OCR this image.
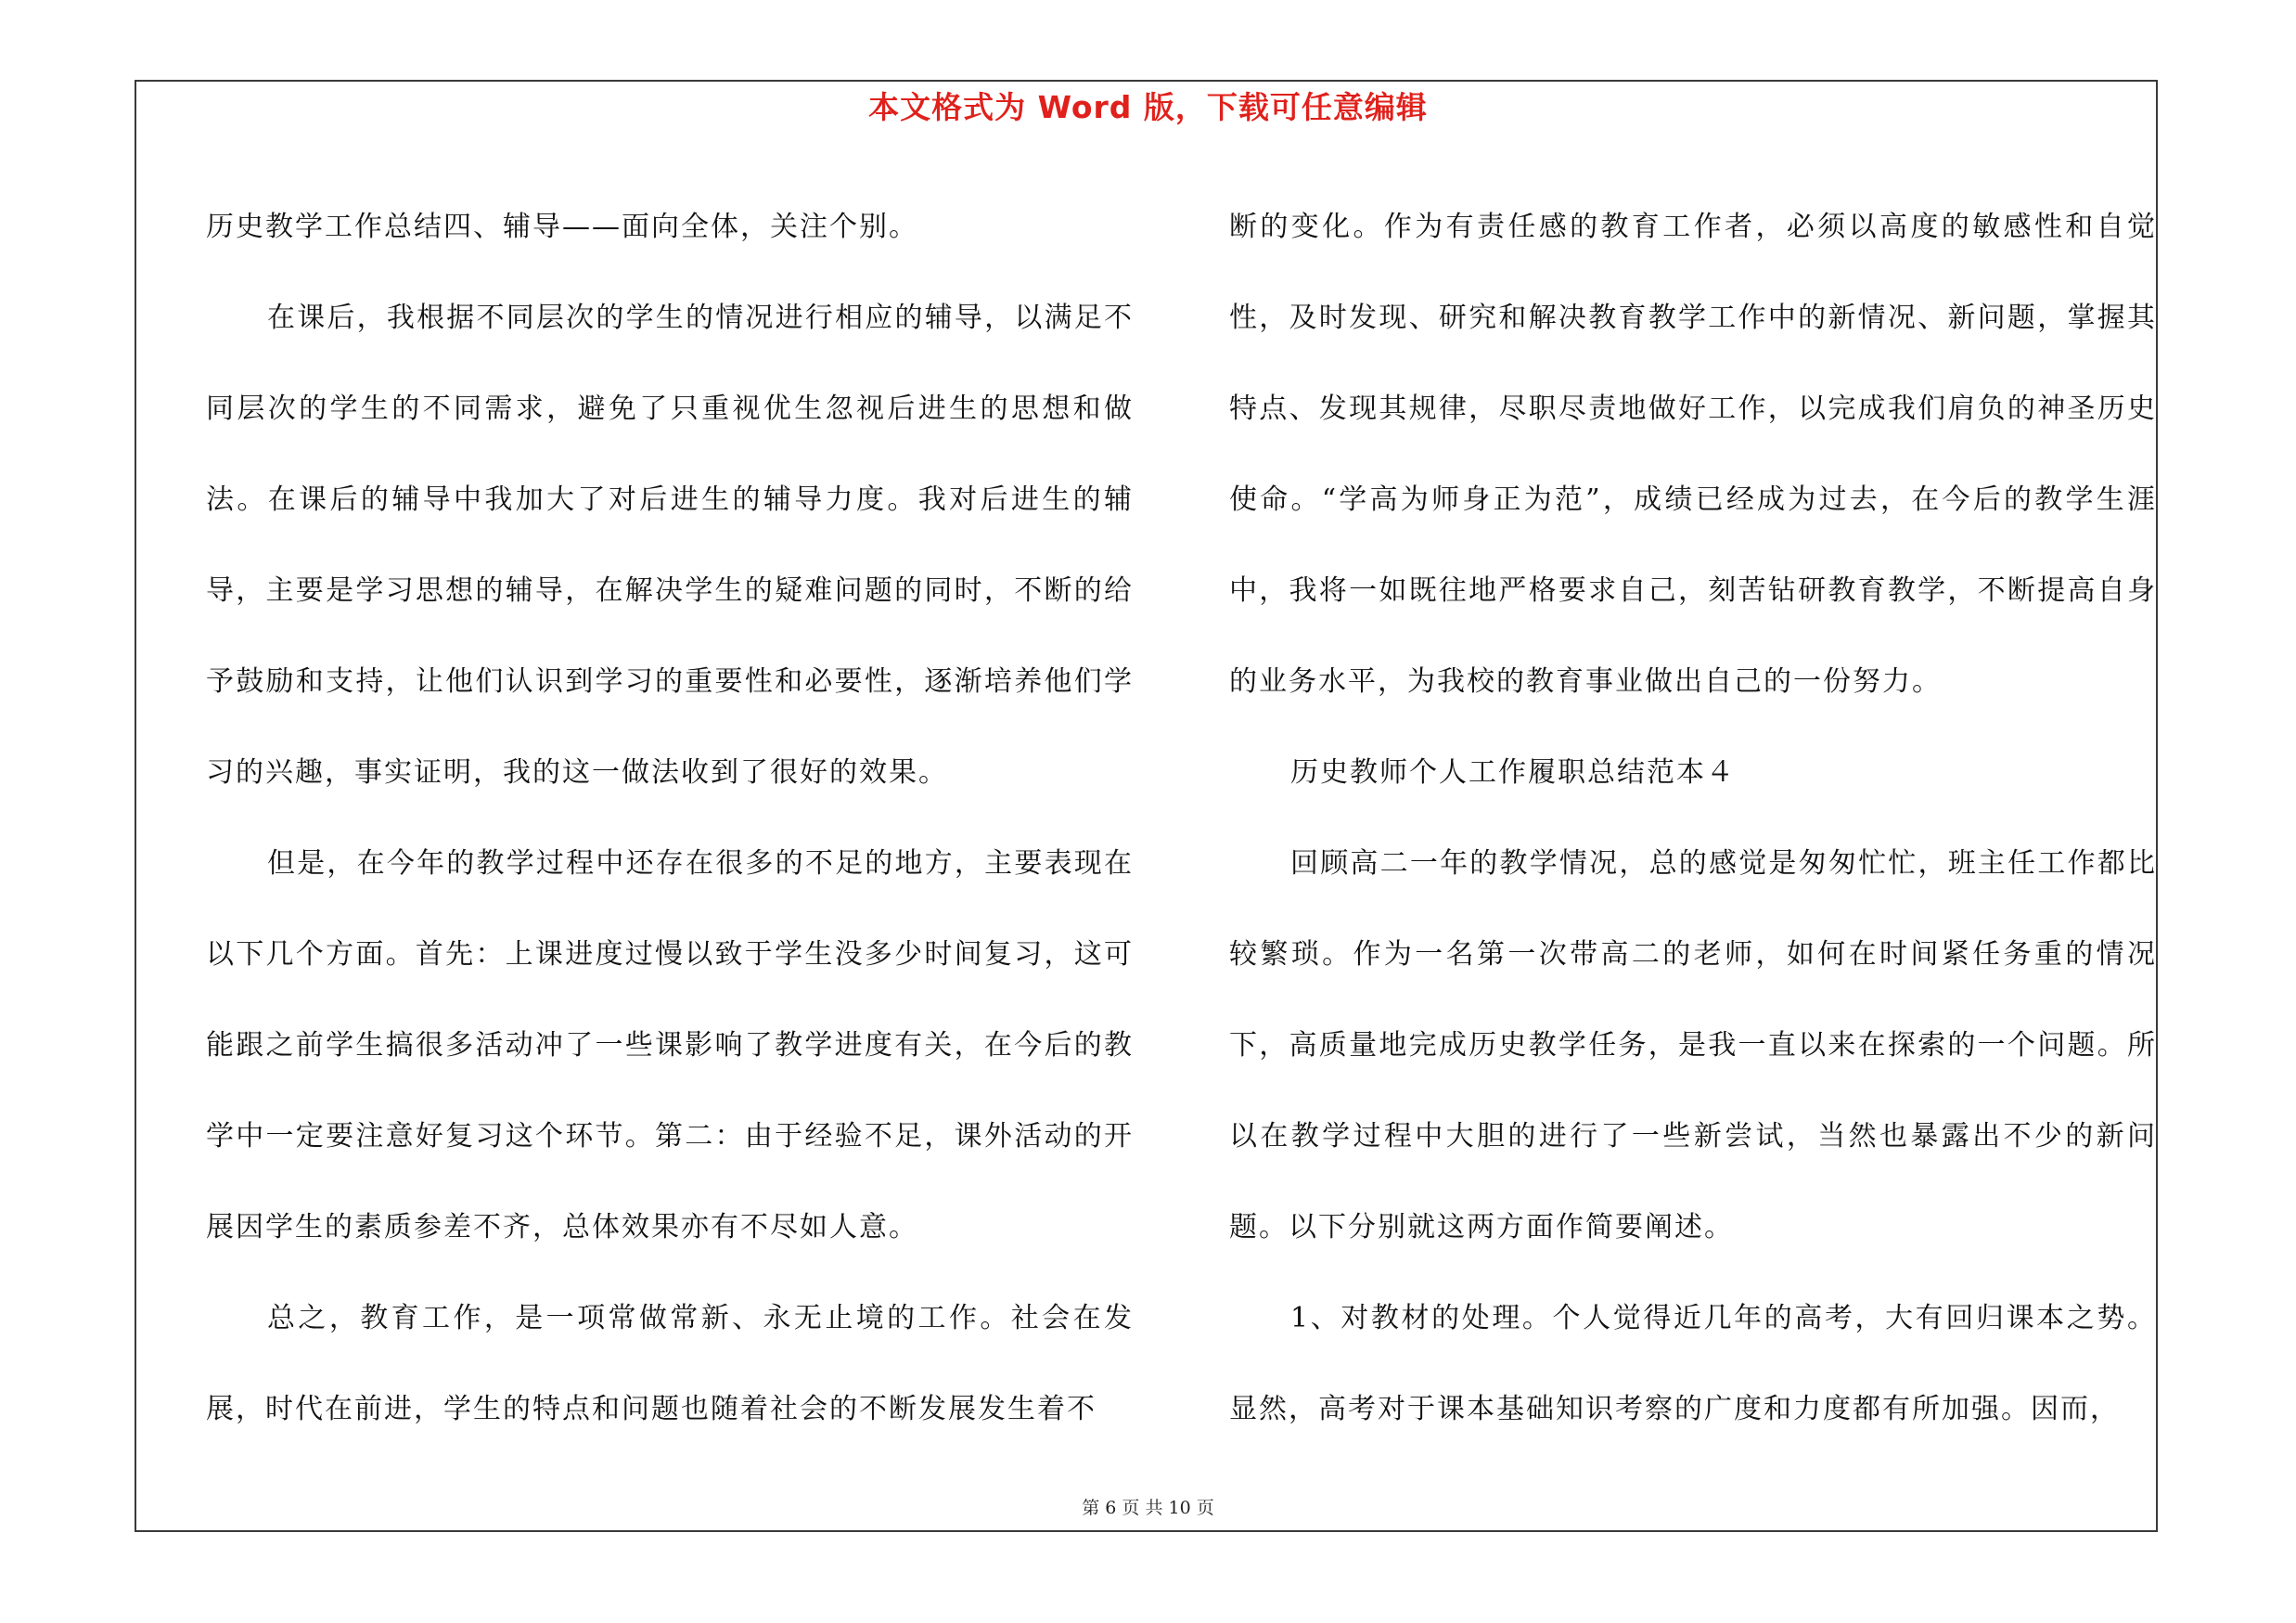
本文格式为 Word 版，下载可任意编辑

历史教学工作总结四、辅导——面向全体，关注个别。

在课后，我根据不同层次的学生的情况进行相应的辅导，以满足不同层次的学生的不同需求，避免了只重视优生忽视后进生的思想和做法。在课后的辅导中我加大了对后进生的辅导力度。我对后进生的辅导，主要是学习思想的辅导，在解决学生的疑难问题的同时，不断的给予鼓励和支持，让他们认识到学习的重要性和必要性，逐渐培养他们学习的兴趣，事实证明，我的这一做法收到了很好的效果。

但是，在今年的教学过程中还存在很多的不足的地方，主要表现在以下几个方面。首先：上课进度过慢以致于学生没多少时间复习，这可能跟之前学生搞很多活动冲了一些课影响了教学进度有关，在今后的教学中一定要注意好复习这个环节。第二：由于经验不足，课外活动的开展因学生的素质参差不齐，总体效果亦有不尽如人意。

总之，教育工作，是一项常做常新、永无止境的工作。社会在发展，时代在前进，学生的特点和问题也随着社会的不断发展发生着不

断的变化。作为有责任感的教育工作者，必须以高度的敏感性和自觉性，及时发现、研究和解决教育教学工作中的新情况、新问题，掌握其特点、发现其规律，尽职尽责地做好工作，以完成我们肩负的神圣历史使命。“学高为师身正为范”，成绩已经成为过去，在今后的教学生涯中，我将一如既往地严格要求自己，刻苦钻研教育教学，不断提高自身的业务水平，为我校的教育事业做出自己的一份努力。

历史教师个人工作履职总结范本４

回顾高二一年的教学情况，总的感觉是匆匆忙忙，班主任工作都比较繁琐。作为一名第一次带高二的老师，如何在时间紧任务重的情况下，高质量地完成历史教学任务，是我一直以来在探索的一个问题。所以在教学过程中大胆的进行了一些新尝试，当然也暴露出不少的新问题。以下分别就这两方面作简要阐述。

1、对教材的处理。个人觉得近几年的高考，大有回归课本之势。显然，高考对于课本基础知识考察的广度和力度都有所加强。因而，

第 6 页 共 10 页
